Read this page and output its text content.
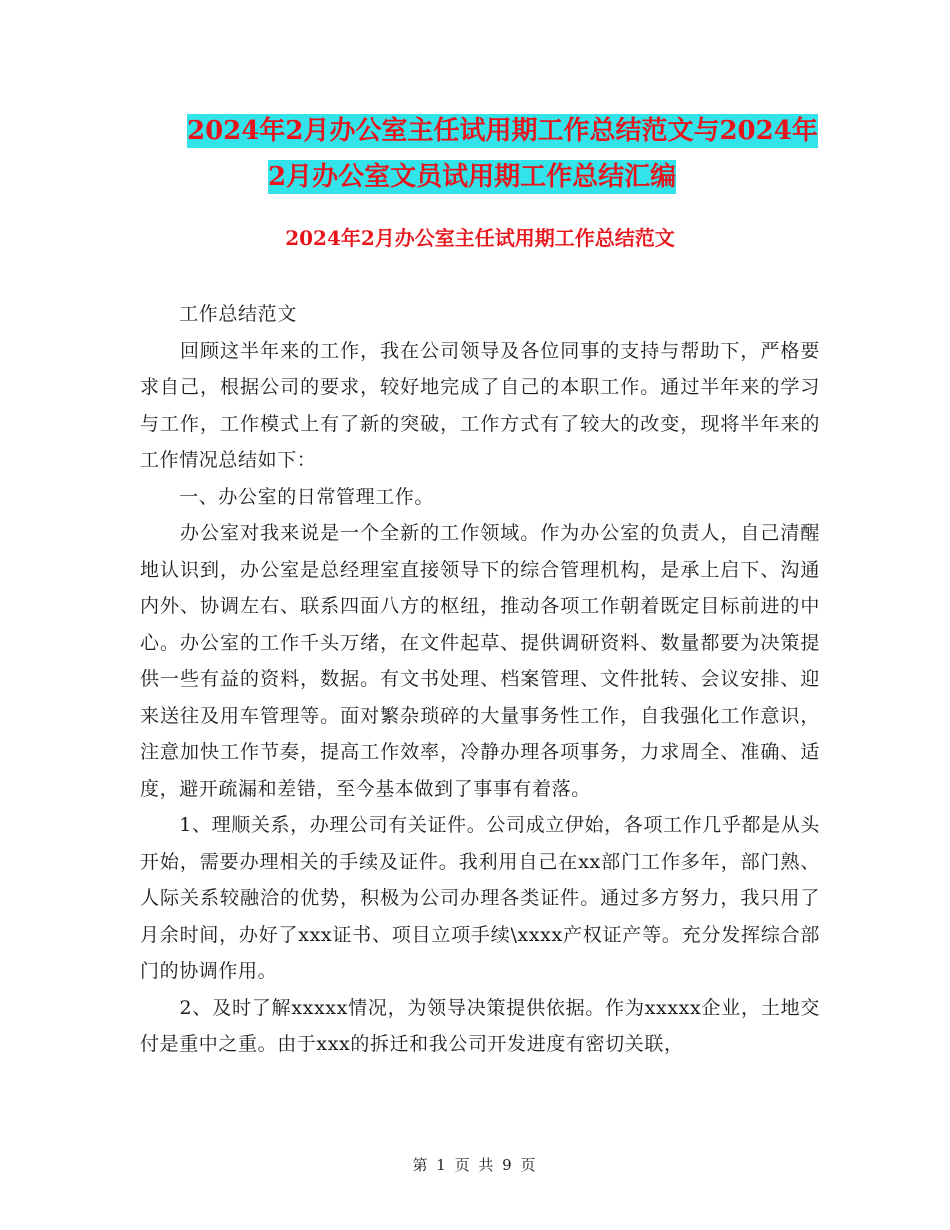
2024年2月办公室主任试用期工作总结范文与2024年
2月办公室文员试用期工作总结汇编
2024年2月办公室主任试用期工作总结范文

　　工作总结范文

　　回顾这半年来的工作，我在公司领导及各位同事的支持与帮助下，严格要求自己，根据公司的要求，较好地完成了自己的本职工作。通过半年来的学习与工作，工作模式上有了新的突破，工作方式有了较大的改变，现将半年来的工作情况总结如下：

　　一、办公室的日常管理工作。

　　办公室对我来说是一个全新的工作领域。作为办公室的负责人，自己清醒地认识到，办公室是总经理室直接领导下的综合管理机构，是承上启下、沟通内外、协调左右、联系四面八方的枢纽，推动各项工作朝着既定目标前进的中心。办公室的工作千头万绪，在文件起草、提供调研资料、数量都要为决策提供一些有益的资料，数据。有文书处理、档案管理、文件批转、会议安排、迎来送往及用车管理等。面对繁杂琐碎的大量事务性工作，自我强化工作意识，注意加快工作节奏，提高工作效率，冷静办理各项事务，力求周全、准确、适度，避开疏漏和差错，至今基本做到了事事有着落。

　　1、理顺关系，办理公司有关证件。公司成立伊始，各项工作几乎都是从头开始，需要办理相关的手续及证件。我利用自己在xx部门工作多年，部门熟、人际关系较融洽的优势，积极为公司办理各类证件。通过多方努力，我只用了月余时间，办好了xxx证书、项目立项手续\xxxx产权证产等。充分发挥综合部门的协调作用。

　　2、及时了解xxxxx情况，为领导决策提供依据。作为xxxxx企业，土地交付是重中之重。由于xxx的拆迁和我公司开发进度有密切关联，

第 1 页 共 9 页
